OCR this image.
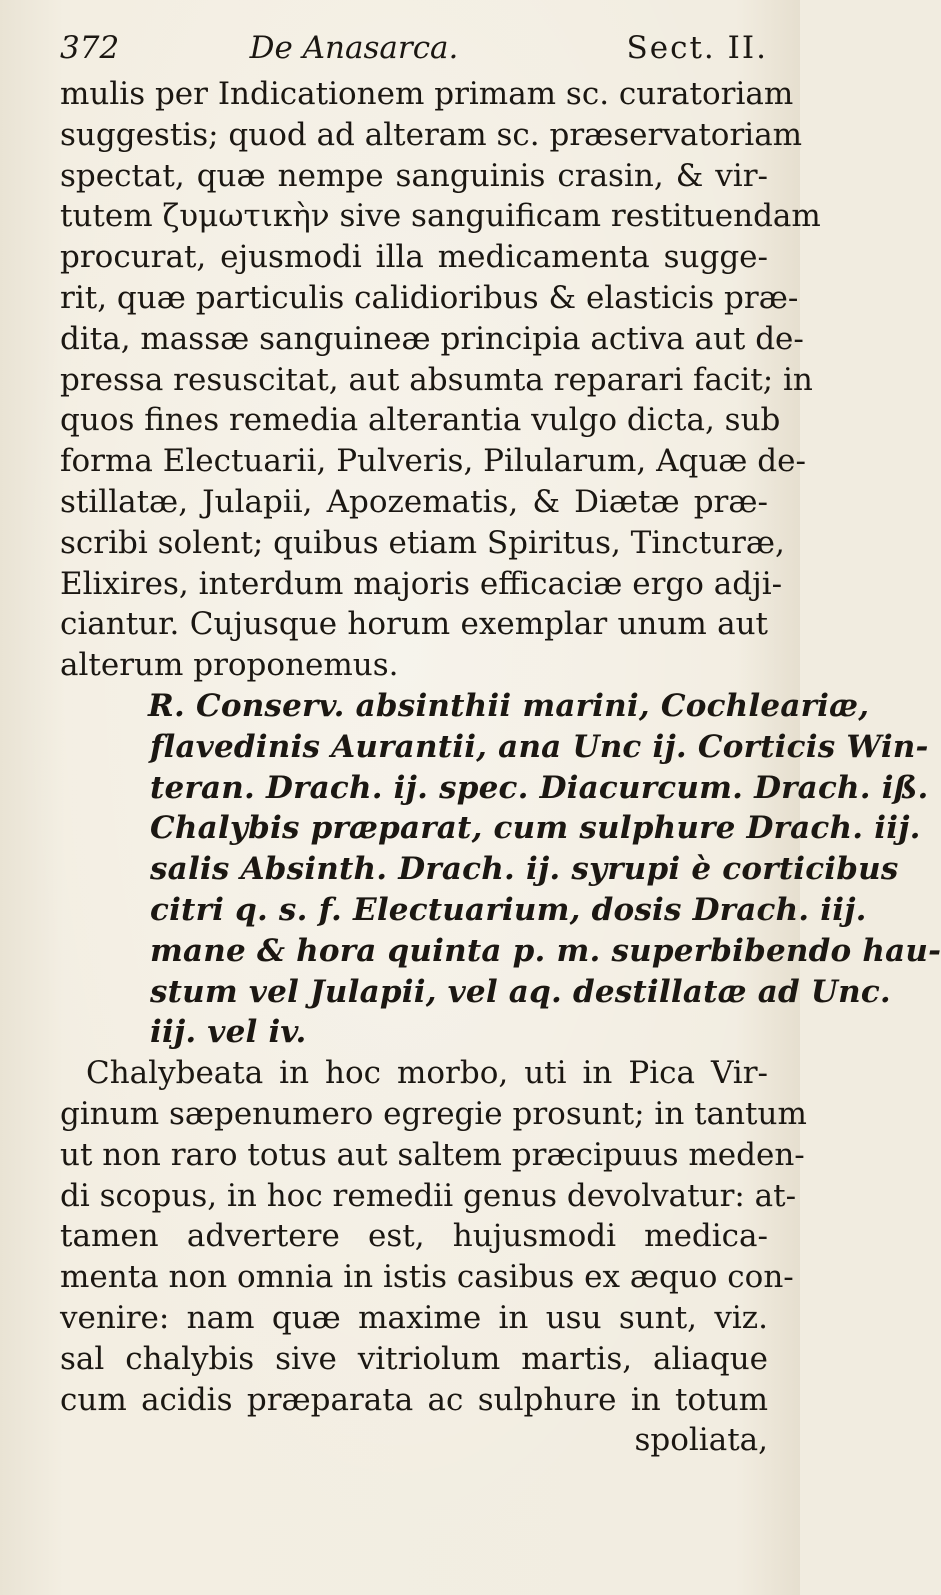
372	De Anasarca.	Sect. II.
mulis per Indicationem primam sc. curatoriam
suggestis; quod ad alteram sc. præservatoriam
spectat, quæ nempe sanguinis crasin, & vir-
tutem ζυμωτικὴν sive sanguificam restituendam
procurat, ejusmodi illa medicamenta sugge-
rit, quæ particulis calidioribus & elasticis præ-
dita, massæ sanguineæ principia activa aut de-
pressa resuscitat, aut absumta reparari facit; in
quos fines remedia alterantia vulgo dicta, sub
forma Electuarii, Pulveris, Pilularum, Aquæ de-
stillatæ, Julapii, Apozematis, & Diætæ præ-
scribi solent; quibus etiam Spiritus, Tincturæ,
Elixires, interdum majoris efficaciæ ergo adji-
ciantur. Cujusque horum exemplar unum aut
alterum proponemus.
R. Conserv. absinthii marini, Cochleariæ,
flavedinis Aurantii, ana Unc ij. Corticis Win-
teran. Drach. ij. spec. Diacurcum. Drach. iß.
Chalybis præparat, cum sulphure Drach. iij.
salis Absinth. Drach. ij. syrupi è corticibus
citri q. s. f. Electuarium, dosis Drach. iij.
mane & hora quinta p. m. superbibendo hau-
stum vel Julapii, vel aq. destillatæ ad Unc.
iij. vel iv.
Chalybeata in hoc morbo, uti in Pica Vir-
ginum sæpenumero egregie prosunt; in tantum
ut non raro totus aut saltem præcipuus meden-
di scopus, in hoc remedii genus devolvatur: at-
tamen advertere est, hujusmodi medica-
menta non omnia in istis casibus ex æquo con-
venire: nam quæ maxime in usu sunt, viz.
sal chalybis sive vitriolum martis, aliaque
cum acidis præparata ac sulphure in totum
spoliata,
